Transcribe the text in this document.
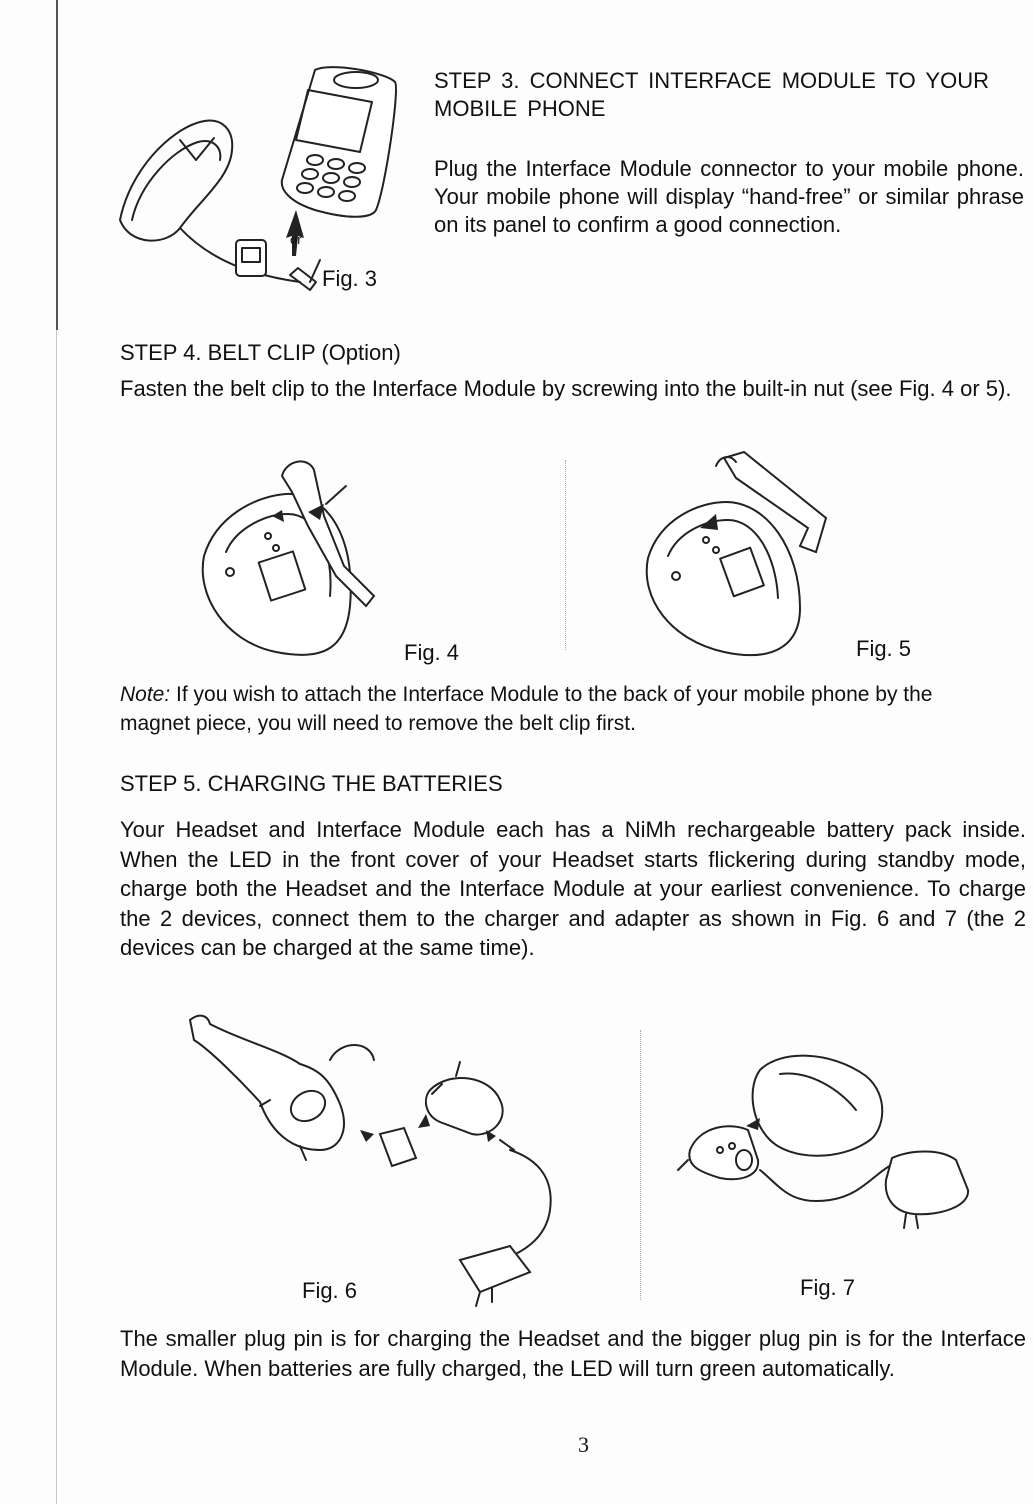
or
Fig. 3
STEP 3. CONNECT INTERFACE MODULE TO YOUR MOBILE PHONE
Plug the Interface Module connector to your mobile phone. Your mobile phone will display “hand-free” or similar phrase on its panel to confirm a good connection.
STEP 4. BELT CLIP (Option)
Fasten the belt clip to the Interface Module by screwing into the built-in nut (see Fig. 4 or 5).
Fig. 4	Fig. 5
Note: If you wish to attach the Interface Module to the back of your mobile phone by the magnet piece, you will need to remove the belt clip first.
STEP 5. CHARGING THE BATTERIES
Your Headset and Interface Module each has a NiMh rechargeable battery pack inside. When the LED in the front cover of your Headset starts flickering during standby mode, charge both the Headset and the Interface Module at your earliest convenience. To charge the 2 devices, connect them to the charger and adapter as shown in Fig. 6 and 7 (the 2 devices can be charged at the same time).
Fig. 6	Fig. 7
The smaller plug pin is for charging the Headset and the bigger plug pin is for the Interface Module. When batteries are fully charged, the LED will turn green automatically.
3
